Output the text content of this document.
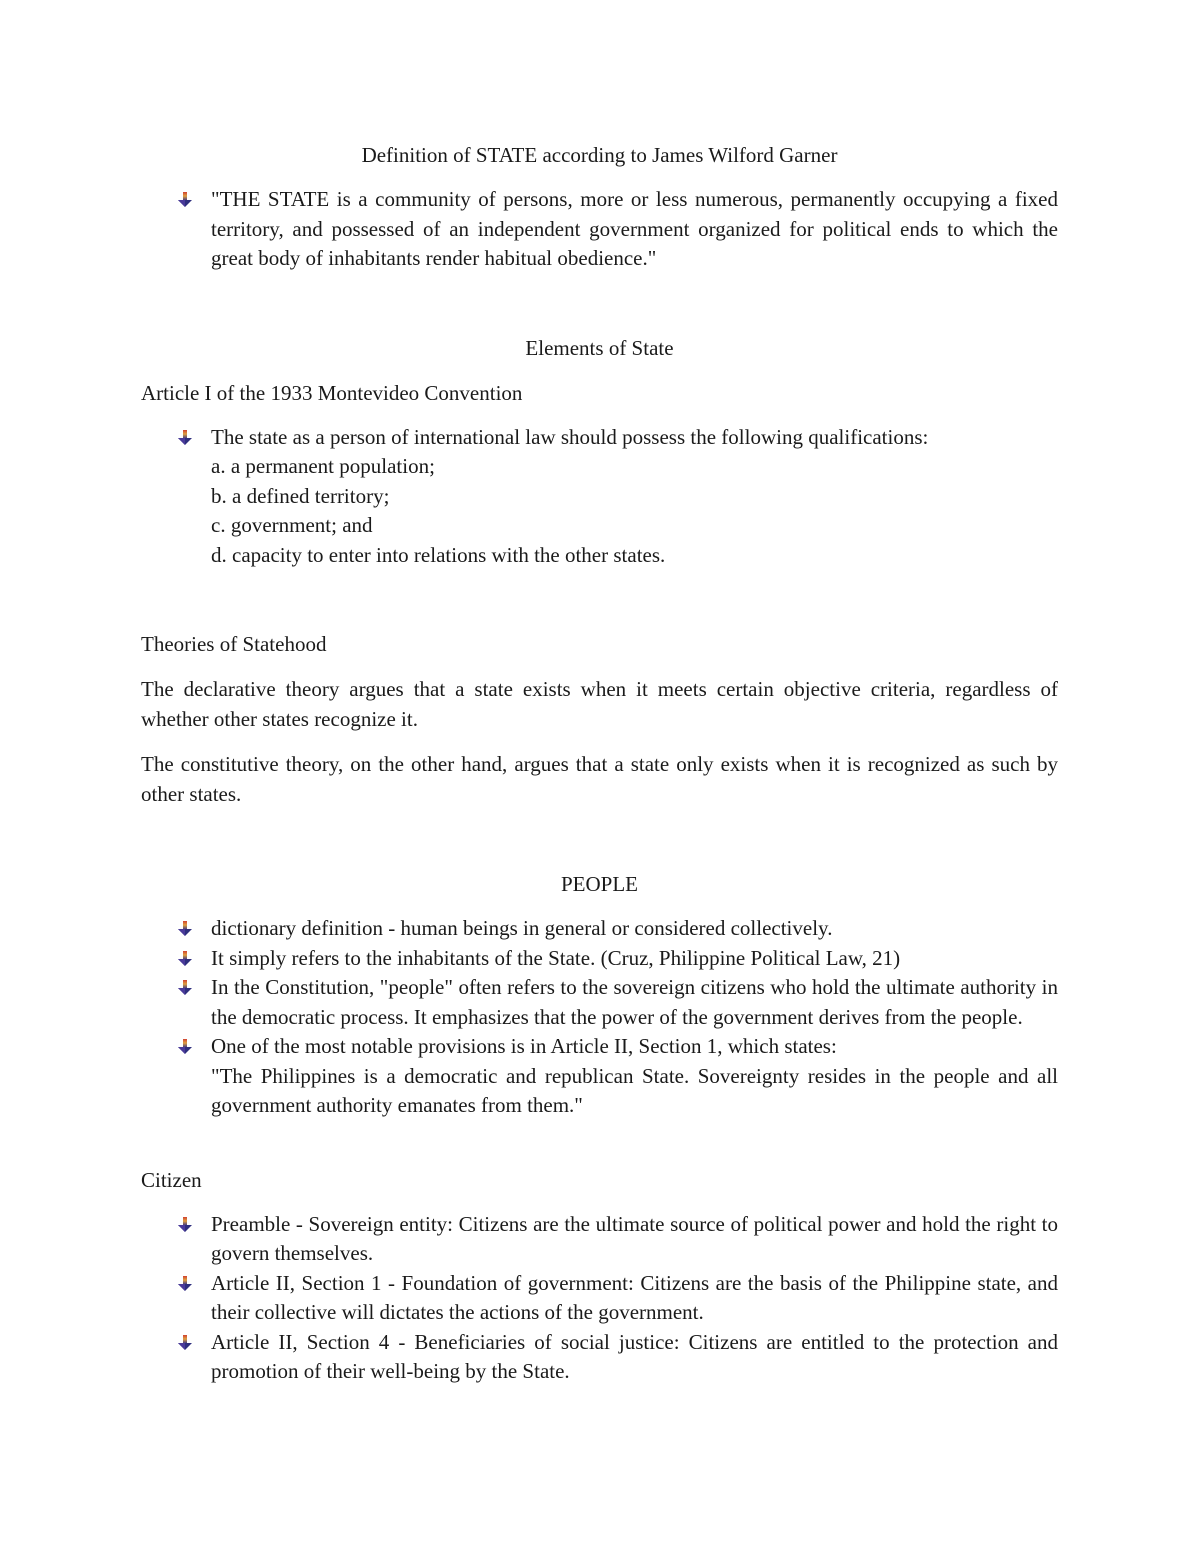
Definition of STATE according to James Wilford Garner
"THE STATE is a community of persons, more or less numerous, permanently occupying a fixed territory, and possessed of an independent government organized for political ends to which the great body of inhabitants render habitual obedience."
Elements of State
Article I of the 1933 Montevideo Convention
The state as a person of international law should possess the following qualifications:
a. a permanent population;
b. a defined territory;
c. government; and
d. capacity to enter into relations with the other states.
Theories of Statehood
The declarative theory argues that a state exists when it meets certain objective criteria, regardless of whether other states recognize it.
The constitutive theory, on the other hand, argues that a state only exists when it is recognized as such by other states.
PEOPLE
dictionary definition - human beings in general or considered collectively.
It simply refers to the inhabitants of the State. (Cruz, Philippine Political Law, 21)
In the Constitution, "people" often refers to the sovereign citizens who hold the ultimate authority in the democratic process. It emphasizes that the power of the government derives from the people.
One of the most notable provisions is in Article II, Section 1, which states:
"The Philippines is a democratic and republican State. Sovereignty resides in the people and all government authority emanates from them."
Citizen
Preamble - Sovereign entity: Citizens are the ultimate source of political power and hold the right to govern themselves.
Article II, Section 1 - Foundation of government: Citizens are the basis of the Philippine state, and their collective will dictates the actions of the government.
Article II, Section 4 - Beneficiaries of social justice: Citizens are entitled to the protection and promotion of their well-being by the State.
